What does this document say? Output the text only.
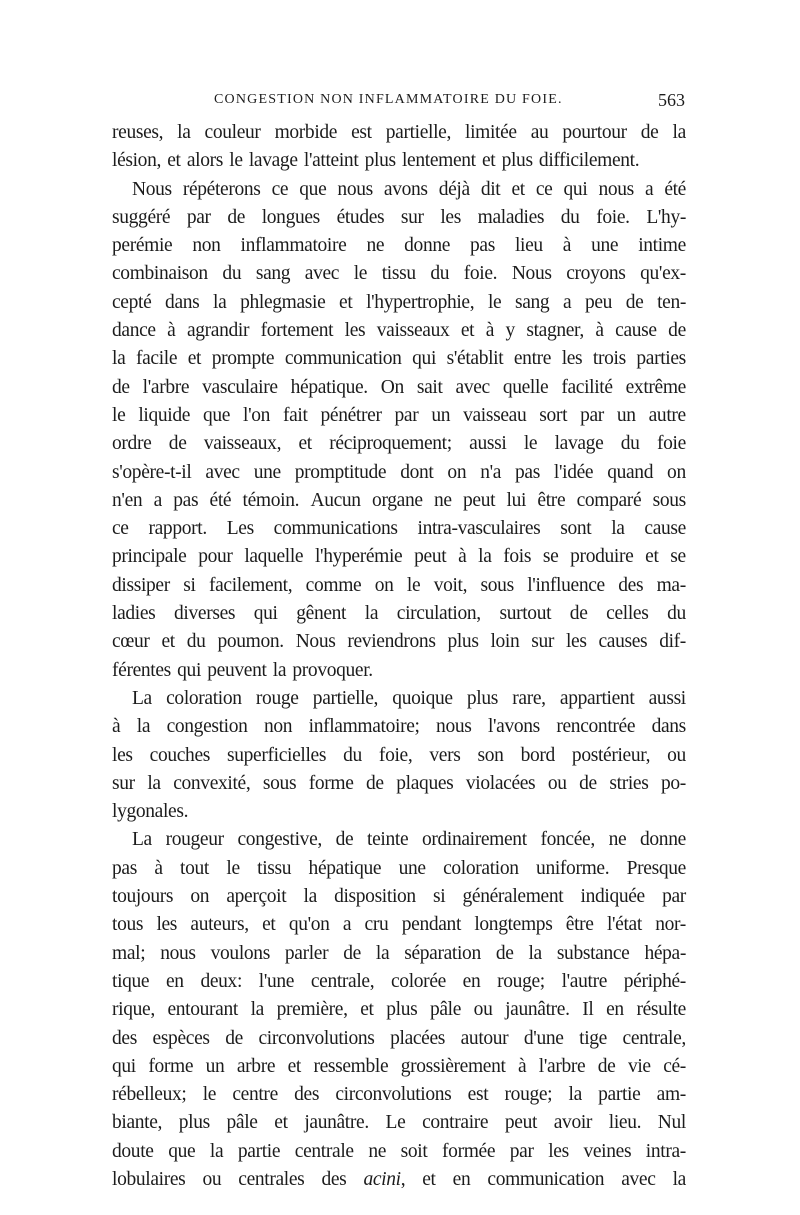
CONGESTION NON INFLAMMATOIRE DU FOIE.	563
reuses, la couleur morbide est partielle, limitée au pourtour de la
lésion, et alors le lavage l'atteint plus lentement et plus difficilement.
Nous répéterons ce que nous avons déjà dit et ce qui nous a été
suggéré par de longues études sur les maladies du foie. L'hy-
perémie non inflammatoire ne donne pas lieu à une intime
combinaison du sang avec le tissu du foie. Nous croyons qu'ex-
cepté dans la phlegmasie et l'hypertrophie, le sang a peu de ten-
dance à agrandir fortement les vaisseaux et à y stagner, à cause de
la facile et prompte communication qui s'établit entre les trois parties
de l'arbre vasculaire hépatique. On sait avec quelle facilité extrême
le liquide que l'on fait pénétrer par un vaisseau sort par un autre
ordre de vaisseaux, et réciproquement; aussi le lavage du foie
s'opère-t-il avec une promptitude dont on n'a pas l'idée quand on
n'en a pas été témoin. Aucun organe ne peut lui être comparé sous
ce rapport. Les communications intra-vasculaires sont la cause
principale pour laquelle l'hyperémie peut à la fois se produire et se
dissiper si facilement, comme on le voit, sous l'influence des ma-
ladies diverses qui gênent la circulation, surtout de celles du
cœur et du poumon. Nous reviendrons plus loin sur les causes dif-
férentes qui peuvent la provoquer.
La coloration rouge partielle, quoique plus rare, appartient aussi
à la congestion non inflammatoire; nous l'avons rencontrée dans
les couches superficielles du foie, vers son bord postérieur, ou
sur la convexité, sous forme de plaques violacées ou de stries po-
lygonales.
La rougeur congestive, de teinte ordinairement foncée, ne donne
pas à tout le tissu hépatique une coloration uniforme. Presque
toujours on aperçoit la disposition si généralement indiquée par
tous les auteurs, et qu'on a cru pendant longtemps être l'état nor-
mal; nous voulons parler de la séparation de la substance hépa-
tique en deux: l'une centrale, colorée en rouge; l'autre périphé-
rique, entourant la première, et plus pâle ou jaunâtre. Il en résulte
des espèces de circonvolutions placées autour d'une tige centrale,
qui forme un arbre et ressemble grossièrement à l'arbre de vie cé-
rébelleux; le centre des circonvolutions est rouge; la partie am-
biante, plus pâle et jaunâtre. Le contraire peut avoir lieu. Nul
doute que la partie centrale ne soit formée par les veines intra-
lobulaires ou centrales des acini, et en communication avec la
